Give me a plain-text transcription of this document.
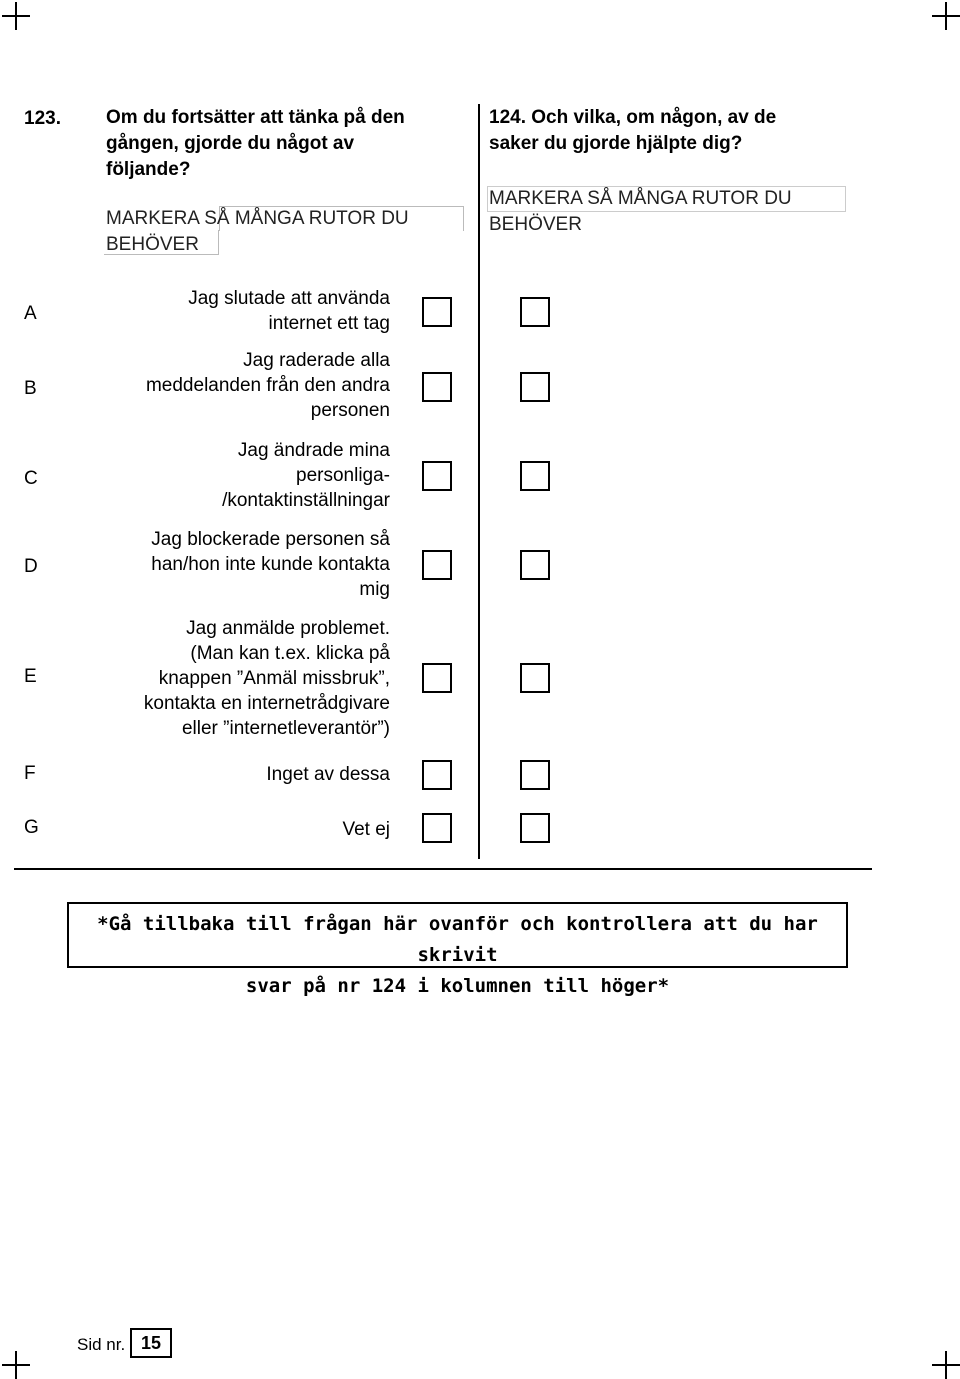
123. Om du fortsätter att tänka på den
gången, gjorde du något av
följande?
MARKERA SÅ MÅNGA RUTOR DU
BEHÖVER
124. Och vilka, om någon, av de
saker du gjorde hjälpte dig?
MARKERA SÅ MÅNGA RUTOR DU
BEHÖVER
A
Jag slutade att använda
internet ett tag
B
Jag raderade alla
meddelanden från den andra
personen
C
Jag ändrade mina
personliga-
/kontaktinställningar
D
Jag blockerade personen så
han/hon inte kunde kontakta
mig
E
Jag anmälde problemet.
(Man kan t.ex. klicka på
knappen ”Anmäl missbruk”,
kontakta en internetrådgivare
eller ”internetleverantör”)
F	Inget av dessa
G	Vet ej
*Gå tillbaka till frågan här ovanför och kontrollera att du har skrivit
svar på nr 124 i kolumnen till höger*
Sid nr. 15
